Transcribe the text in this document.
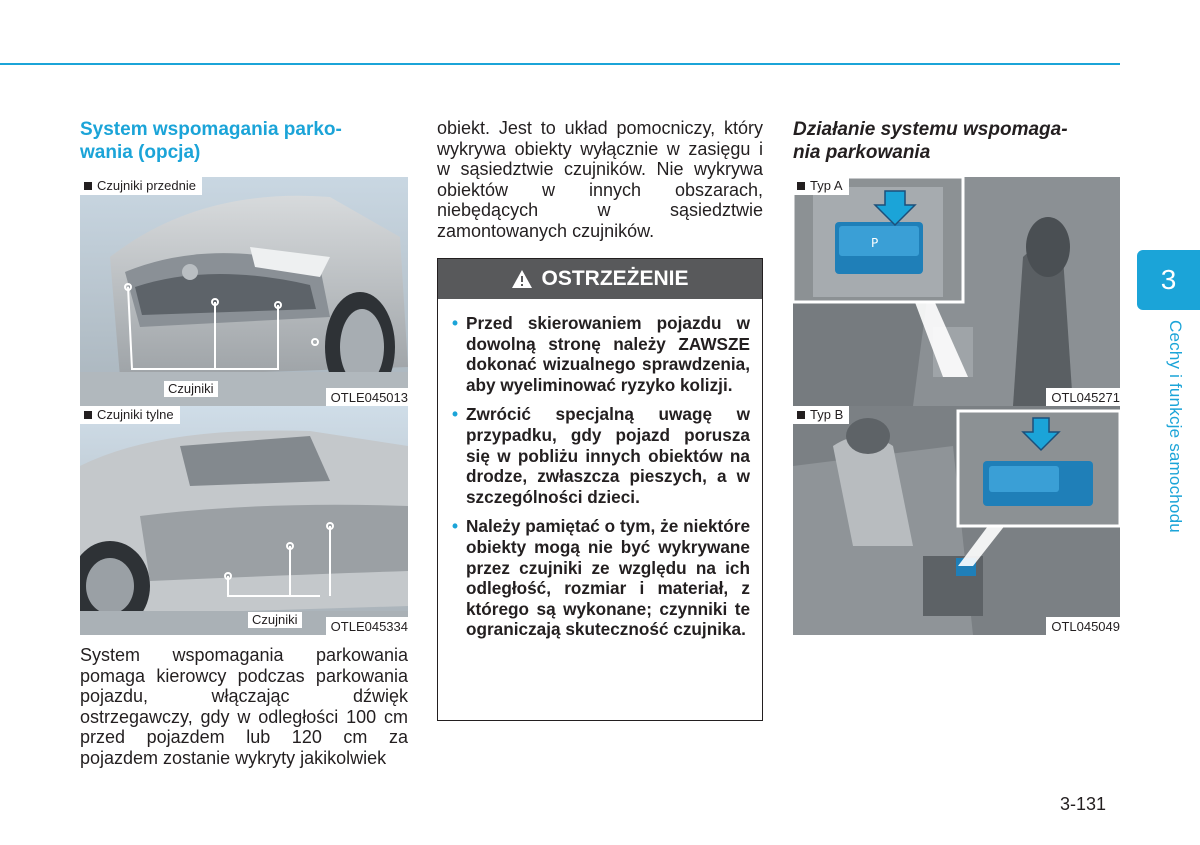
System wspomagania parko-
wania (opcja)
Czujniki przednie
Czujniki
OTLE045013
Czujniki tylne
Czujniki	OTLE045334

System wspomagania parkowania pomaga kierowcy podczas parkowania pojazdu, włączając dźwięk ostrzegawczy, gdy w odległości 100 cm przed pojazdem lub 120 cm za pojazdem zostanie wykryty jakikolwiek

obiekt. Jest to układ pomocniczy, który wykrywa obiekty wyłącznie w zasięgu i w sąsiedztwie czujników. Nie wykrywa obiektów w innych obszarach, niebędących w sąsiedztwie zamontowanych czujników.

OSTRZEŻENIE
• Przed skierowaniem pojazdu w dowolną stronę należy ZAWSZE dokonać wizualnego sprawdzenia, aby wyeliminować ryzyko kolizji.
• Zwrócić specjalną uwagę w przypadku, gdy pojazd porusza się w pobliżu innych obiektów na drodze, zwłaszcza pieszych, a w szczególności dzieci.
• Należy pamiętać o tym, że niektóre obiekty mogą nie być wykrywane przez czujniki ze względu na ich odległość, rozmiar i materiał, z którego są wykonane; czynniki te ograniczają skuteczność czujnika.
Działanie systemu wspomaga-
nia parkowania
P
Typ A
OTL045271
Typ B
OTL045049
3
Cechy i funkcje samochodu
3-131
